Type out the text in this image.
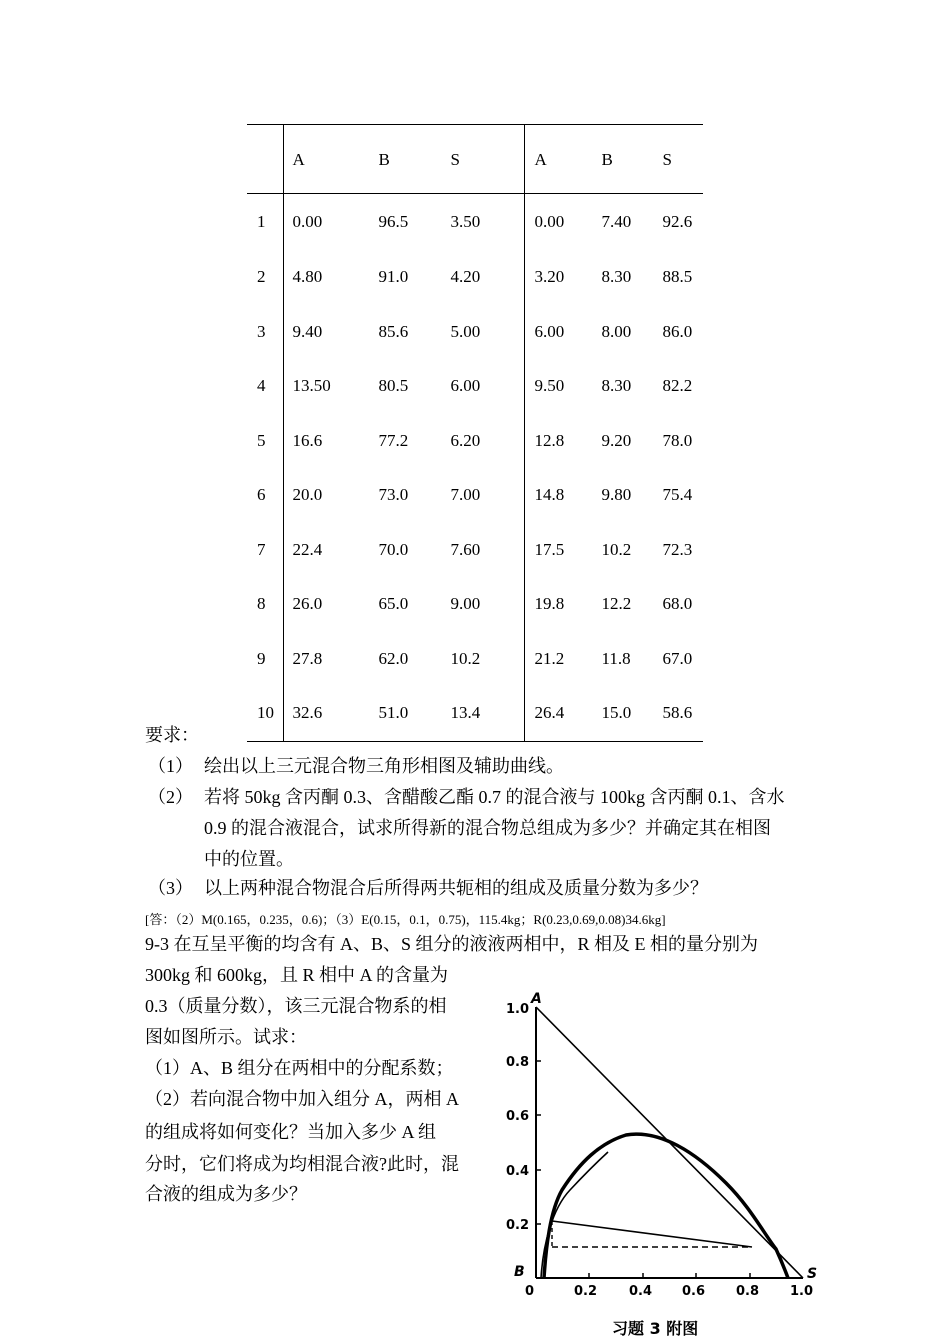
	A	B	S	A	B	S
1	0.00	96.5	3.50	0.00	7.40	92.6
2	4.80	91.0	4.20	3.20	8.30	88.5
3	9.40	85.6	5.00	6.00	8.00	86.0
4	13.50	80.5	6.00	9.50	8.30	82.2
5	16.6	77.2	6.20	12.8	9.20	78.0
6	20.0	73.0	7.00	14.8	9.80	75.4
7	22.4	70.0	7.60	17.5	10.2	72.3
8	26.0	65.0	9.00	19.8	12.2	68.0
9	27.8	62.0	10.2	21.2	11.8	67.0
10	32.6	51.0	13.4	26.4	15.0	58.6
要求：
（1） 绘出以上三元混合物三角形相图及辅助曲线。
（2） 若将 50kg 含丙酮 0.3、含醋酸乙酯 0.7 的混合液与 100kg 含丙酮 0.1、含水
0.9 的混合液混合，试求所得新的混合物总组成为多少？并确定其在相图
中的位置。
（3） 以上两种混合物混合后所得两共轭相的组成及质量分数为多少？
[答：（2）M(0.165，0.235，0.6)；（3）E(0.15，0.1，0.75)，115.4kg；R(0.23,0.69,0.08)34.6kg]
9-3 在互呈平衡的均含有 A、B、S 组分的液液两相中，R 相及 E 相的量分别为
300kg 和 600kg，且 R 相中 A 的含量为
0.3（质量分数），该三元混合物系的相
图如图所示。试求：
（1）A、B 组分在两相中的分配系数；
（2）若向混合物中加入组分 A，两相 A
的组成将如何变化？当加入多少 A 组
分时，它们将成为均相混合液?此时，混
合液的组成为多少？
A
B	S
1.0
0.8
0.6
0.4
0.2
0	0.2 0.4 0.6 0.8 1.0
习题 3 附图
